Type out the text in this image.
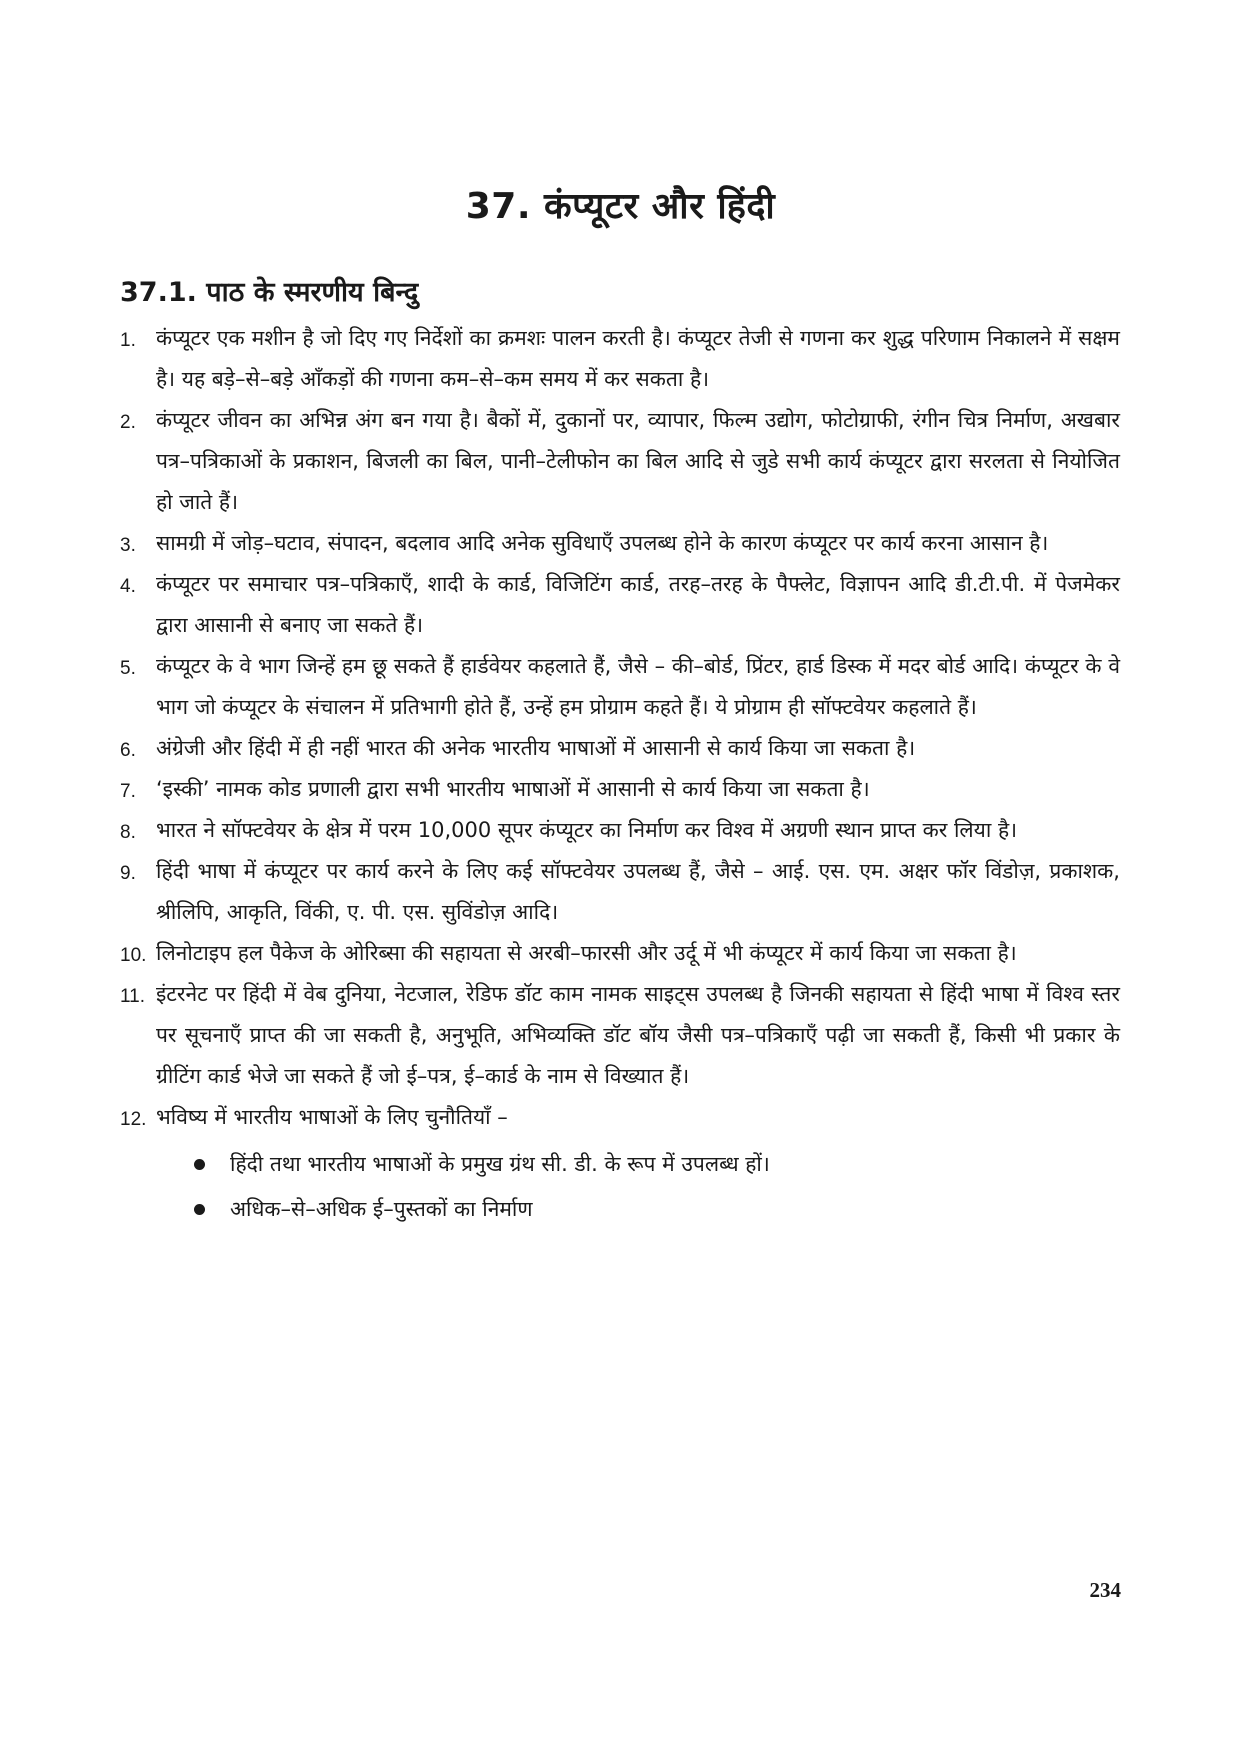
37. कंप्यूटर और हिंदी
37.1. पाठ के स्मरणीय बिन्दु
1. कंप्यूटर एक मशीन है जो दिए गए निर्देशों का क्रमशः पालन करती है। कंप्यूटर तेजी से गणना कर शुद्ध परिणाम निकालने में सक्षम है। यह बड़े–से–बड़े आँकड़ों की गणना कम–से–कम समय में कर सकता है।
2. कंप्यूटर जीवन का अभिन्न अंग बन गया है। बैकों में, दुकानों पर, व्यापार, फिल्म उद्योग, फोटोग्राफी, रंगीन चित्र निर्माण, अखबार पत्र–पत्रिकाओं के प्रकाशन, बिजली का बिल, पानी–टेलीफोन का बिल आदि से जुडे सभी कार्य कंप्यूटर द्वारा सरलता से नियोजित हो जाते हैं।
3. सामग्री में जोड़–घटाव, संपादन, बदलाव आदि अनेक सुविधाएँ उपलब्ध होने के कारण कंप्यूटर पर कार्य करना आसान है।
4. कंप्यूटर पर समाचार पत्र–पत्रिकाएँ, शादी के कार्ड, विजिटिंग कार्ड, तरह–तरह के पैफ्लेट, विज्ञापन आदि डी.टी.पी. में पेजमेकर द्वारा आसानी से बनाए जा सकते हैं।
5. कंप्यूटर के वे भाग जिन्हें हम छू सकते हैं हार्डवेयर कहलाते हैं, जैसे – की–बोर्ड, प्रिंटर, हार्ड डिस्क में मदर बोर्ड आदि। कंप्यूटर के वे भाग जो कंप्यूटर के संचालन में प्रतिभागी होते हैं, उन्हें हम प्रोग्राम कहते हैं। ये प्रोग्राम ही सॉफ्टवेयर कहलाते हैं।
6. अंग्रेजी और हिंदी में ही नहीं भारत की अनेक भारतीय भाषाओं में आसानी से कार्य किया जा सकता है।
7. ‘इस्की’ नामक कोड प्रणाली द्वारा सभी भारतीय भाषाओं में आसानी से कार्य किया जा सकता है।
8. भारत ने सॉफ्टवेयर के क्षेत्र में परम 10,000 सूपर कंप्यूटर का निर्माण कर विश्व में अग्रणी स्थान प्राप्त कर लिया है।
9. हिंदी भाषा में कंप्यूटर पर कार्य करने के लिए कई सॉफ्टवेयर उपलब्ध हैं, जैसे – आई. एस. एम. अक्षर फॉर विंडोज़, प्रकाशक, श्रीलिपि, आकृति, विंकी, ए. पी. एस. सुविंडोज़ आदि।
10. लिनोटाइप हल पैकेज के ओरिब्सा की सहायता से अरबी–फारसी और उर्दू में भी कंप्यूटर में कार्य किया जा सकता है।
11. इंटरनेट पर हिंदी में वेब दुनिया, नेटजाल, रेडिफ डॉट काम नामक साइट्स उपलब्ध है जिनकी सहायता से हिंदी भाषा में विश्व स्तर पर सूचनाएँ प्राप्त की जा सकती है, अनुभूति, अभिव्यक्ति डॉट बॉय जैसी पत्र–पत्रिकाएँ पढ़ी जा सकती हैं, किसी भी प्रकार के ग्रीटिंग कार्ड भेजे जा सकते हैं जो ई–पत्र, ई–कार्ड के नाम से विख्यात हैं।
12. भविष्य में भारतीय भाषाओं के लिए चुनौतियाँ –
हिंदी तथा भारतीय भाषाओं के प्रमुख ग्रंथ सी. डी. के रूप में उपलब्ध हों।
अधिक–से–अधिक ई–पुस्तकों का निर्माण
234
